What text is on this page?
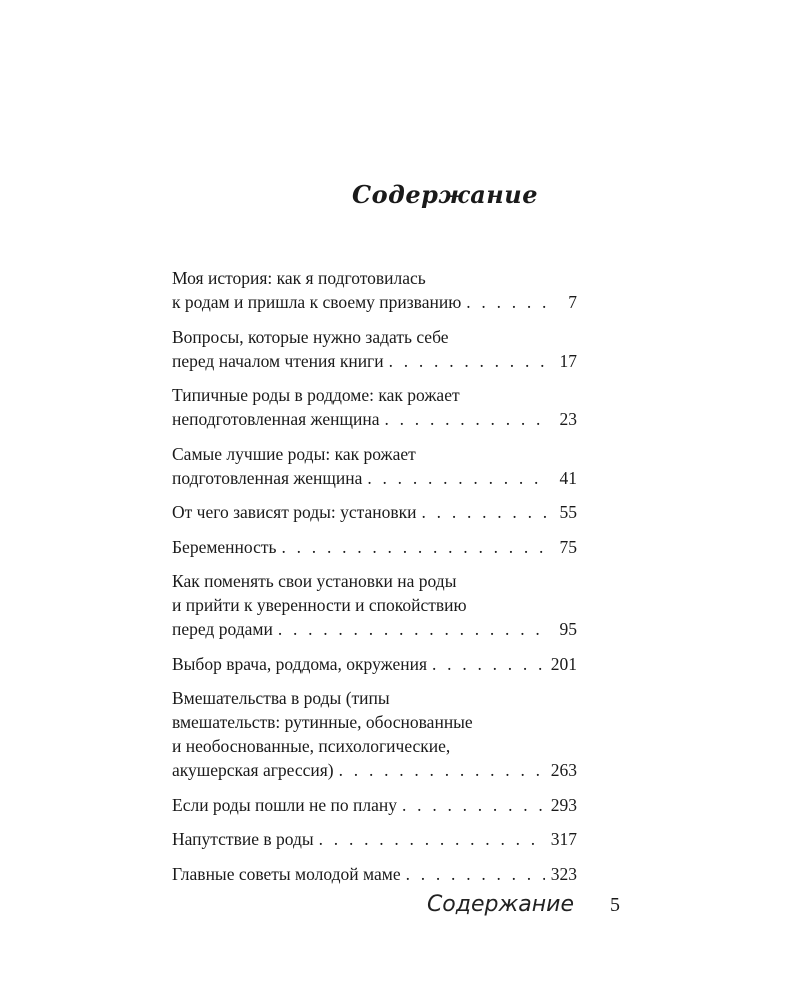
Содержание
Моя история: как я подготовилась
к родам и пришла к своему призванию . . .	7
Вопросы, которые нужно задать себе
перед началом чтения книги . . .	17
Типичные роды в роддоме: как рожает
неподготовленная женщина . . .	23
Самые лучшие роды: как рожает
подготовленная женщина . . .	41
От чего зависят роды: установки . . .	55
Беременность . . .	75
Как поменять свои установки на роды
и прийти к уверенности и спокойствию
перед родами . . .	95
Выбор врача, роддома, окружения . . .	201
Вмешательства в роды (типы
вмешательств: рутинные, обоснованные
и необоснованные, психологические,
акушерская агрессия) . . .	263
Если роды пошли не по плану . . .	293
Напутствие в роды . . .	317
Главные советы молодой маме . . .	323
Содержание 5
